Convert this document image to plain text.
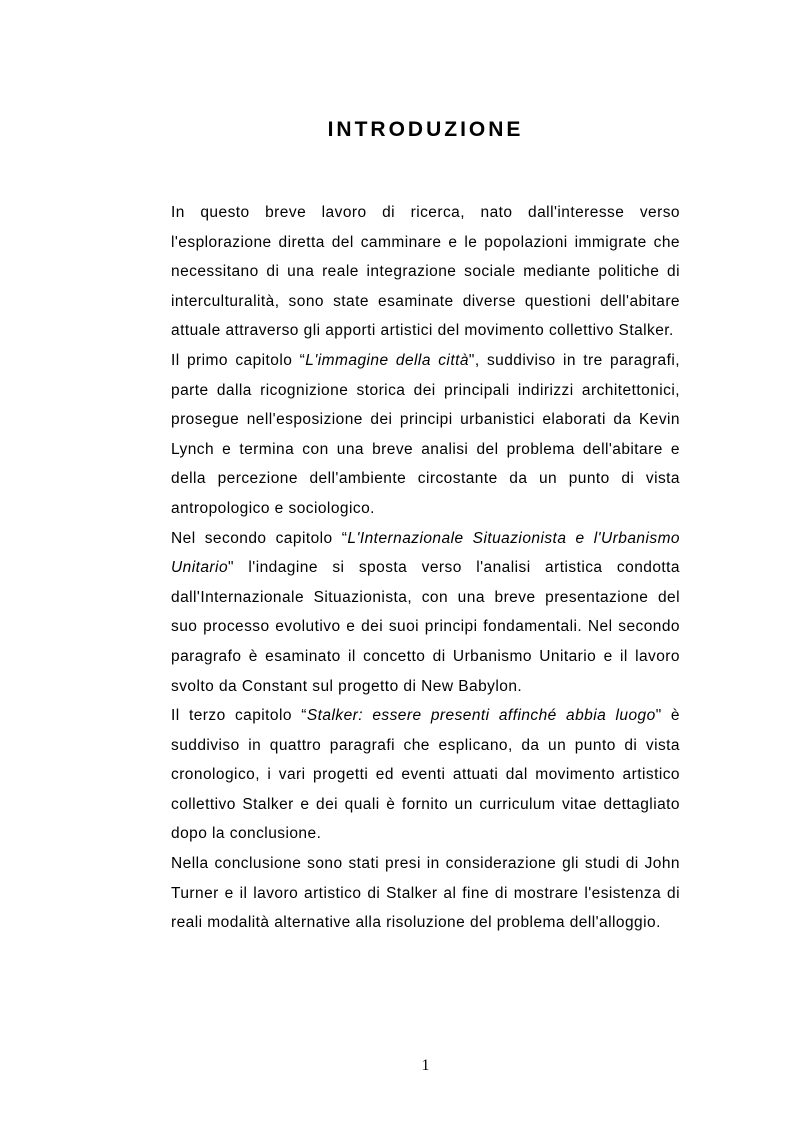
INTRODUZIONE

In questo breve lavoro di ricerca, nato dall'interesse verso l'esplorazione diretta del camminare e le popolazioni immigrate che necessitano di una reale integrazione sociale mediante politiche di interculturalità, sono state esaminate diverse questioni dell'abitare attuale attraverso gli apporti artistici del movimento collettivo Stalker.

Il primo capitolo “L'immagine della città", suddiviso in tre paragrafi, parte dalla ricognizione storica dei principali indirizzi architettonici, prosegue nell'esposizione dei principi urbanistici elaborati da Kevin Lynch e termina con una breve analisi del problema dell'abitare e della percezione dell'ambiente circostante da un punto di vista antropologico e sociologico.

Nel secondo capitolo “L'Internazionale Situazionista e l'Urbanismo Unitario" l'indagine si sposta verso l'analisi artistica condotta dall'Internazionale Situazionista, con una breve presentazione del suo processo evolutivo e dei suoi principi fondamentali. Nel secondo paragrafo è esaminato il concetto di Urbanismo Unitario e il lavoro svolto da Constant sul progetto di New Babylon.

Il terzo capitolo “Stalker: essere presenti affinché abbia luogo" è suddiviso in quattro paragrafi che esplicano, da un punto di vista cronologico, i vari progetti ed eventi attuati dal movimento artistico collettivo Stalker e dei quali è fornito un curriculum vitae dettagliato dopo la conclusione.

Nella conclusione sono stati presi in considerazione gli studi di John Turner e il lavoro artistico di Stalker al fine di mostrare l'esistenza di reali modalità alternative alla risoluzione del problema dell'alloggio.

1
